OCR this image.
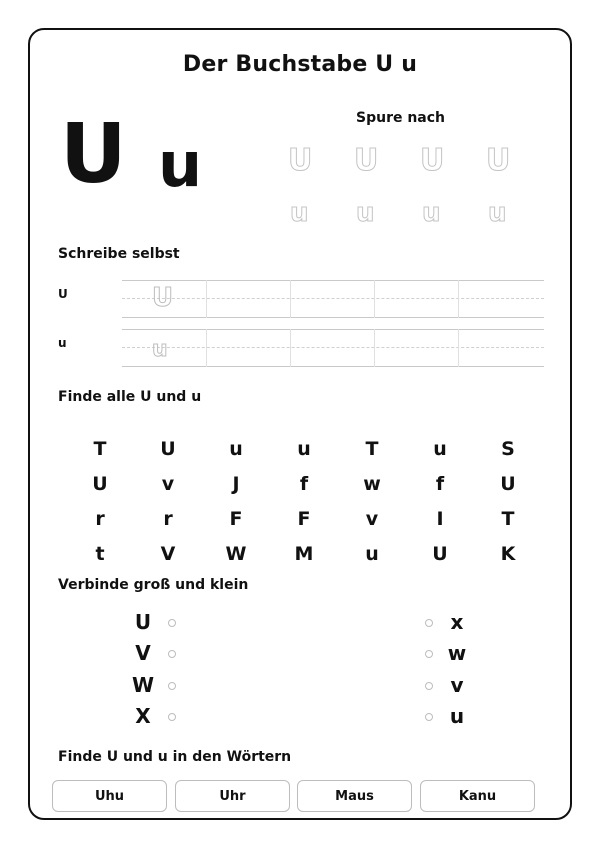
Der Buchstabe U u
U u
Spure nach
U U U U
u u u u
Schreibe selbst
U	U
u	u
Finde alle U und u
T	U	u	u	T	u	S
U	v	J	f	w	f	U
r	r	F	F	v	I	T
t	V	W	M	u	U	K
Verbinde groß und klein
U
V
W
X
x
w
v
u
Finde U und u in den Wörtern
Uhu	Uhr	Maus	Kanu
